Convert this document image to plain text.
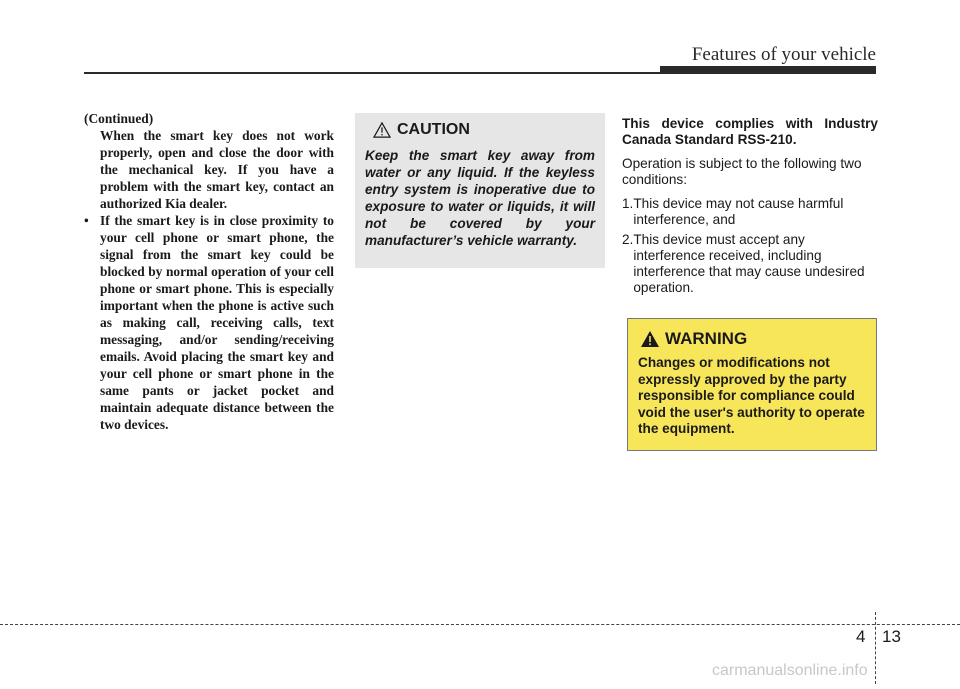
Features of your vehicle

(Continued)

When the smart key does not work properly, open and close the door with the mechanical key. If you have a problem with the smart key, contact an authorized Kia dealer.

• If the smart key is in close proximity to your cell phone or smart phone, the signal from the smart key could be blocked by normal operation of your cell phone or smart phone. This is especially important when the phone is active such as making call, receiving calls, text messaging, and/or sending/receiving emails. Avoid placing the smart key and your cell phone or smart phone in the same pants or jacket pocket and maintain adequate distance between the two devices.
CAUTION
Keep the smart key away from water or any liquid. If the keyless entry system is inoperative due to exposure to water or liquids, it will not be covered by your manufacturer’s vehicle warranty.

This device complies with Industry Canada Standard RSS-210.

Operation is subject to the following two conditions:

1. This device may not cause harmful interference, and
2. This device must accept any interference received, including interference that may cause undesired operation.
WARNING
Changes or modifications not expressly approved by the party responsible for compliance could void the user's authority to operate the equipment.
4 13
carmanualsonline.info
